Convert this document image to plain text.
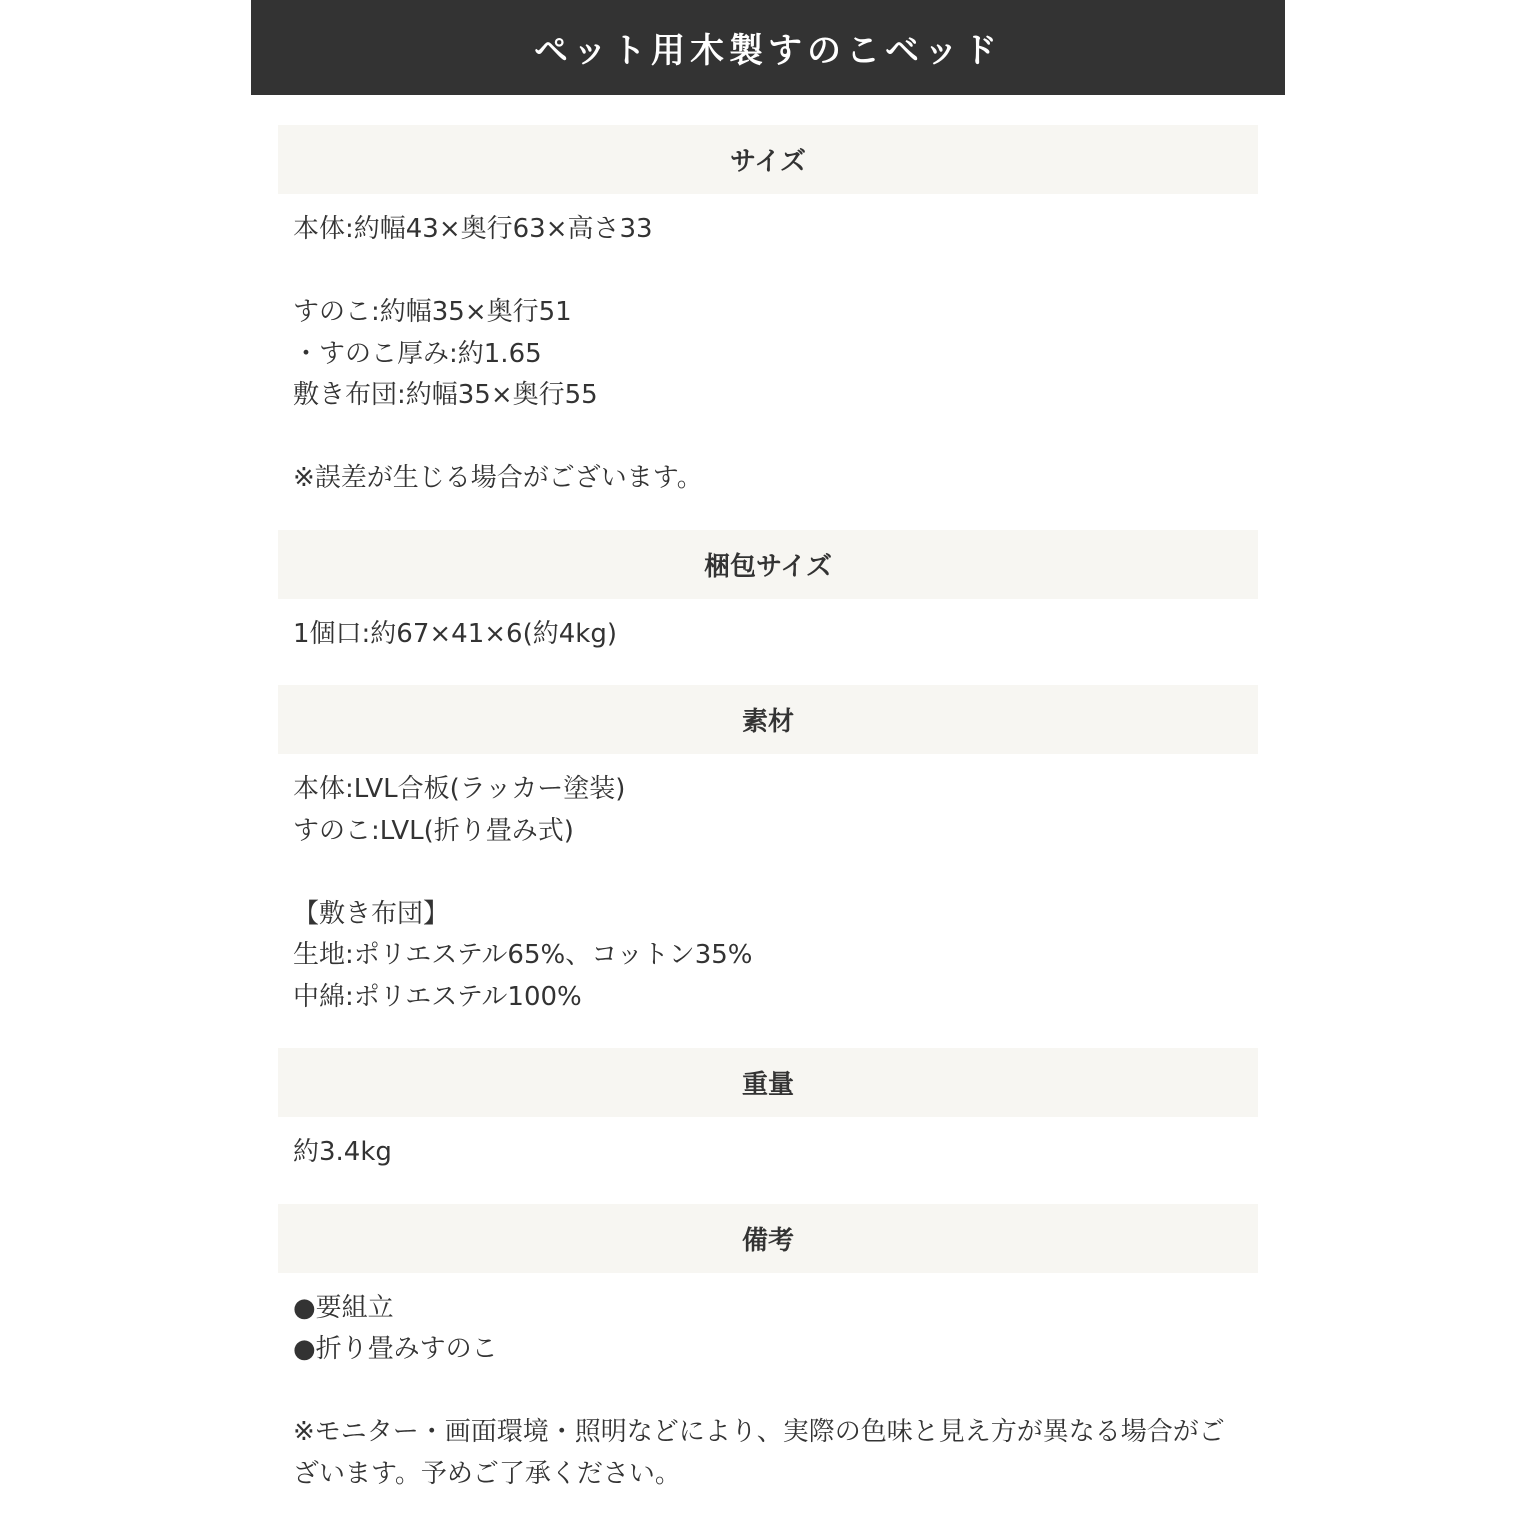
ペット用木製すのこベッド
サイズ
本体:約幅43×奥行63×高さ33
すのこ:約幅35×奥行51
・すのこ厚み:約1.65
敷き布団:約幅35×奥行55
※誤差が生じる場合がございます。
梱包サイズ
1個口:約67×41×6(約4kg)
素材
本体:LVL合板(ラッカー塗装)
すのこ:LVL(折り畳み式)
【敷き布団】
生地:ポリエステル65%、コットン35%
中綿:ポリエステル100%
重量
約3.4kg
備考
●要組立
●折り畳みすのこ
※モニター・画面環境・照明などにより、実際の色味と見え方が異なる場合がございます。予めご了承ください。
